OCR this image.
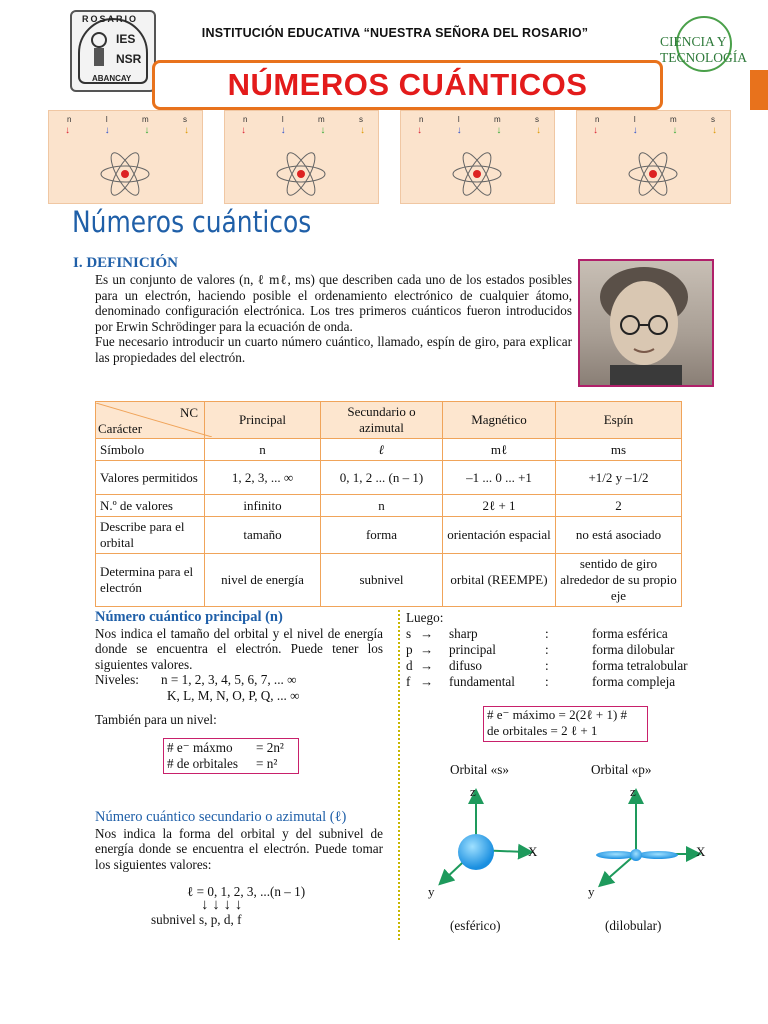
ROSARIO
IES
NSR
ABANCAY
INSTITUCIÓN EDUCATIVA “NUESTRA SEÑORA DEL ROSARIO”
NÚMEROS CUÁNTICOS
CIENCIA Y
TECNOLOGÍA
n	l	m	s
↓	↓	↓	↓
n	l	m	s
↓	↓	↓	↓
n	l	m	s
↓	↓	↓	↓
n	l	m	s
↓	↓	↓	↓
Números cuánticos
I. DEFINICIÓN
Es un conjunto de valores (n, ℓ mℓ, ms) que describen cada uno de los estados posibles para un electrón, haciendo posible el ordenamiento electrónico de cualquier átomo, denominado configuración electrónica. Los tres primeros cuánticos fueron introducidos por Erwin Schrödinger para la ecuación de onda.
Fue necesario introducir un cuarto número cuántico, llamado, espín de giro, para explicar las propiedades del electrón.
NC
Carácter	Principal	Secundario o azimutal	Magnético	Espín
Símbolo	n	ℓ	mℓ	ms
Valores permitidos	1, 2, 3, ... ∞	0, 1, 2 ... (n – 1)	–1 ... 0 ... +1	+1/2 y –1/2
N.º de valores	infinito	n	2ℓ + 1	2
Describe para el orbital	tamaño	forma	orientación espacial	no está asociado
Determina para el electrón	nivel de energía	subnivel	orbital (REEMPE)	sentido de giro alrededor de su propio eje
Número cuántico principal (n)
Nos indica el tamaño del orbital y el nivel de energía donde se encuentra el electrón. Puede tener los siguientes valores.
Niveles: n = 1, 2, 3, 4, 5, 6, 7, ... ∞
K, L, M, N, O, P, Q, ... ∞
También para un nivel:
# e⁻ máxmo = 2n²
# de orbitales = n²
Número cuántico secundario o azimutal (ℓ)
Nos indica la forma del orbital y del subnivel de energía donde se encuentra el electrón. Puede tomar los siguientes valores:
ℓ = 0, 1, 2, 3, ...(n – 1)
↓ ↓ ↓ ↓
subnivel s, p, d, f
Luego:
s → sharp	:	forma esférica
p → principal	:	forma dilobular
d → difuso	:	forma tetralobular
f → fundamental :	forma compleja
# e⁻ máximo = 2(2ℓ + 1) #
de orbitales = 2 ℓ + 1
Orbital «s»	Orbital «p»
z
X
y
z
X
y
(esférico)	(dilobular)
